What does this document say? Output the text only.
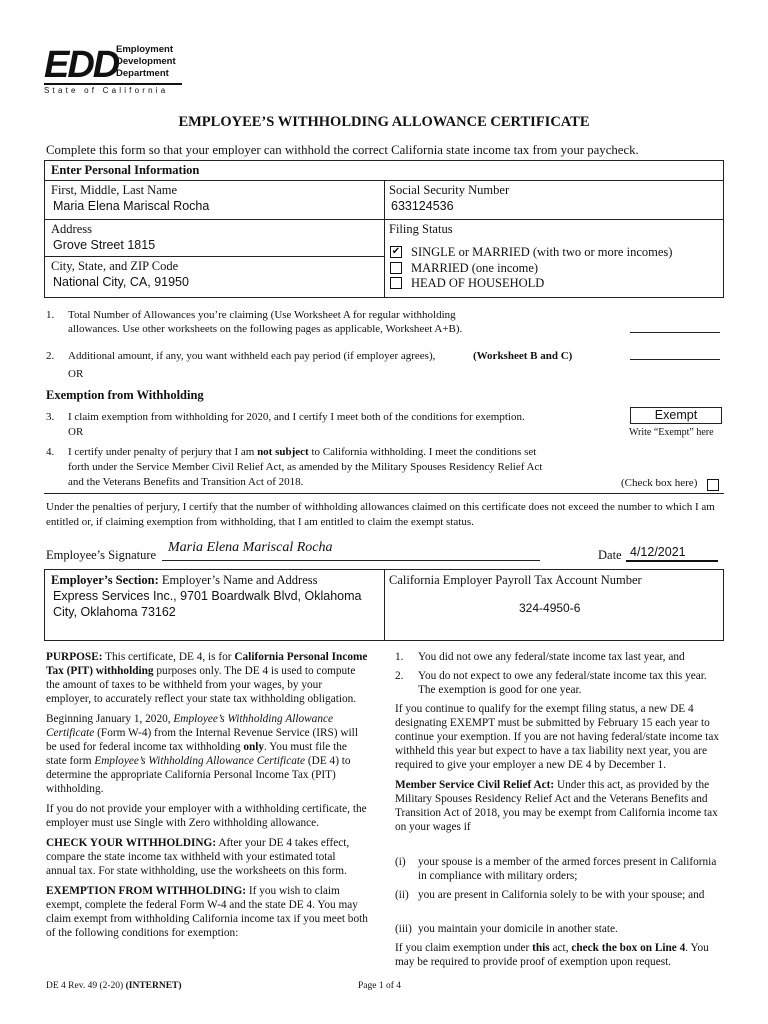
EDD
Employment
Development
Department
State of California
EMPLOYEE’S WITHHOLDING ALLOWANCE CERTIFICATE
Complete this form so that your employer can withhold the correct California state income tax from your paycheck.
Enter Personal Information
First, Middle, Last Name
Maria Elena Mariscal Rocha
Social Security Number
633124536
Address
Grove Street 1815
City, State, and ZIP Code
National City, CA, 91950
Filing Status
✔ SINGLE or MARRIED (with two or more incomes)
MARRIED (one income)
HEAD OF HOUSEHOLD
1. Total Number of Allowances you’re claiming (Use Worksheet A for regular withholding
allowances. Use other worksheets on the following pages as applicable, Worksheet A+B).
2. Additional amount, if any, you want withheld each pay period (if employer agrees),	(Worksheet B and C)
OR
Exemption from Withholding
3. I claim exemption from withholding for 2020, and I certify I meet both of the conditions for exemption.
OR
Exempt
Write “Exempt” here
4. I certify under penalty of perjury that I am not subject to California withholding. I meet the conditions set
forth under the Service Member Civil Relief Act, as amended by the Military Spouses Residency Relief Act
and the Veterans Benefits and Transition Act of 2018.	(Check box here)
Under the penalties of perjury, I certify that the number of withholding allowances claimed on this certificate does not exceed the number to which I am entitled or, if claiming exemption from withholding, that I am entitled to claim the exempt status.
Employee’s Signature Maria Elena Mariscal Rocha	Date 4/12/2021
Employer’s Section: Employer’s Name and Address
Express Services Inc., 9701 Boardwalk Blvd, Oklahoma
City, Oklahoma 73162
California Employer Payroll Tax Account Number
324-4950-6

PURPOSE: This certificate, DE 4, is for California Personal Income Tax (PIT) withholding purposes only. The DE 4 is used to compute the amount of taxes to be withheld from your wages, by your employer, to accurately reflect your state tax withholding obligation.

Beginning January 1, 2020, Employee’s Withholding Allowance Certificate (Form W-4) from the Internal Revenue Service (IRS) will be used for federal income tax withholding only. You must file the state form Employee’s Withholding Allowance Certificate (DE 4) to determine the appropriate California Personal Income Tax (PIT) withholding.

If you do not provide your employer with a withholding certificate, the employer must use Single with Zero withholding allowance.

CHECK YOUR WITHHOLDING: After your DE 4 takes effect, compare the state income tax withheld with your estimated total annual tax. For state withholding, use the worksheets on this form.

EXEMPTION FROM WITHHOLDING: If you wish to claim exempt, complete the federal Form W-4 and the state DE 4. You may claim exempt from withholding California income tax if you meet both of the following conditions for exemption:

1. You did not owe any federal/state income tax last year, and
2. You do not expect to owe any federal/state income tax this year. The exemption is good for one year.

If you continue to qualify for the exempt filing status, a new DE 4 designating EXEMPT must be submitted by February 15 each year to continue your exemption. If you are not having federal/state income tax withheld this year but expect to have a tax liability next year, you are required to give your employer a new DE 4 by December 1.

Member Service Civil Relief Act: Under this act, as provided by the Military Spouses Residency Relief Act and the Veterans Benefits and Transition Act of 2018, you may be exempt from California income tax on your wages if

(i) your spouse is a member of the armed forces present in California in compliance with military orders;
(ii) you are present in California solely to be with your spouse; and
(iii) you maintain your domicile in another state.

If you claim exemption under this act, check the box on Line 4. You may be required to provide proof of exemption upon request.

DE 4 Rev. 49 (2-20) (INTERNET)	Page 1 of 4
